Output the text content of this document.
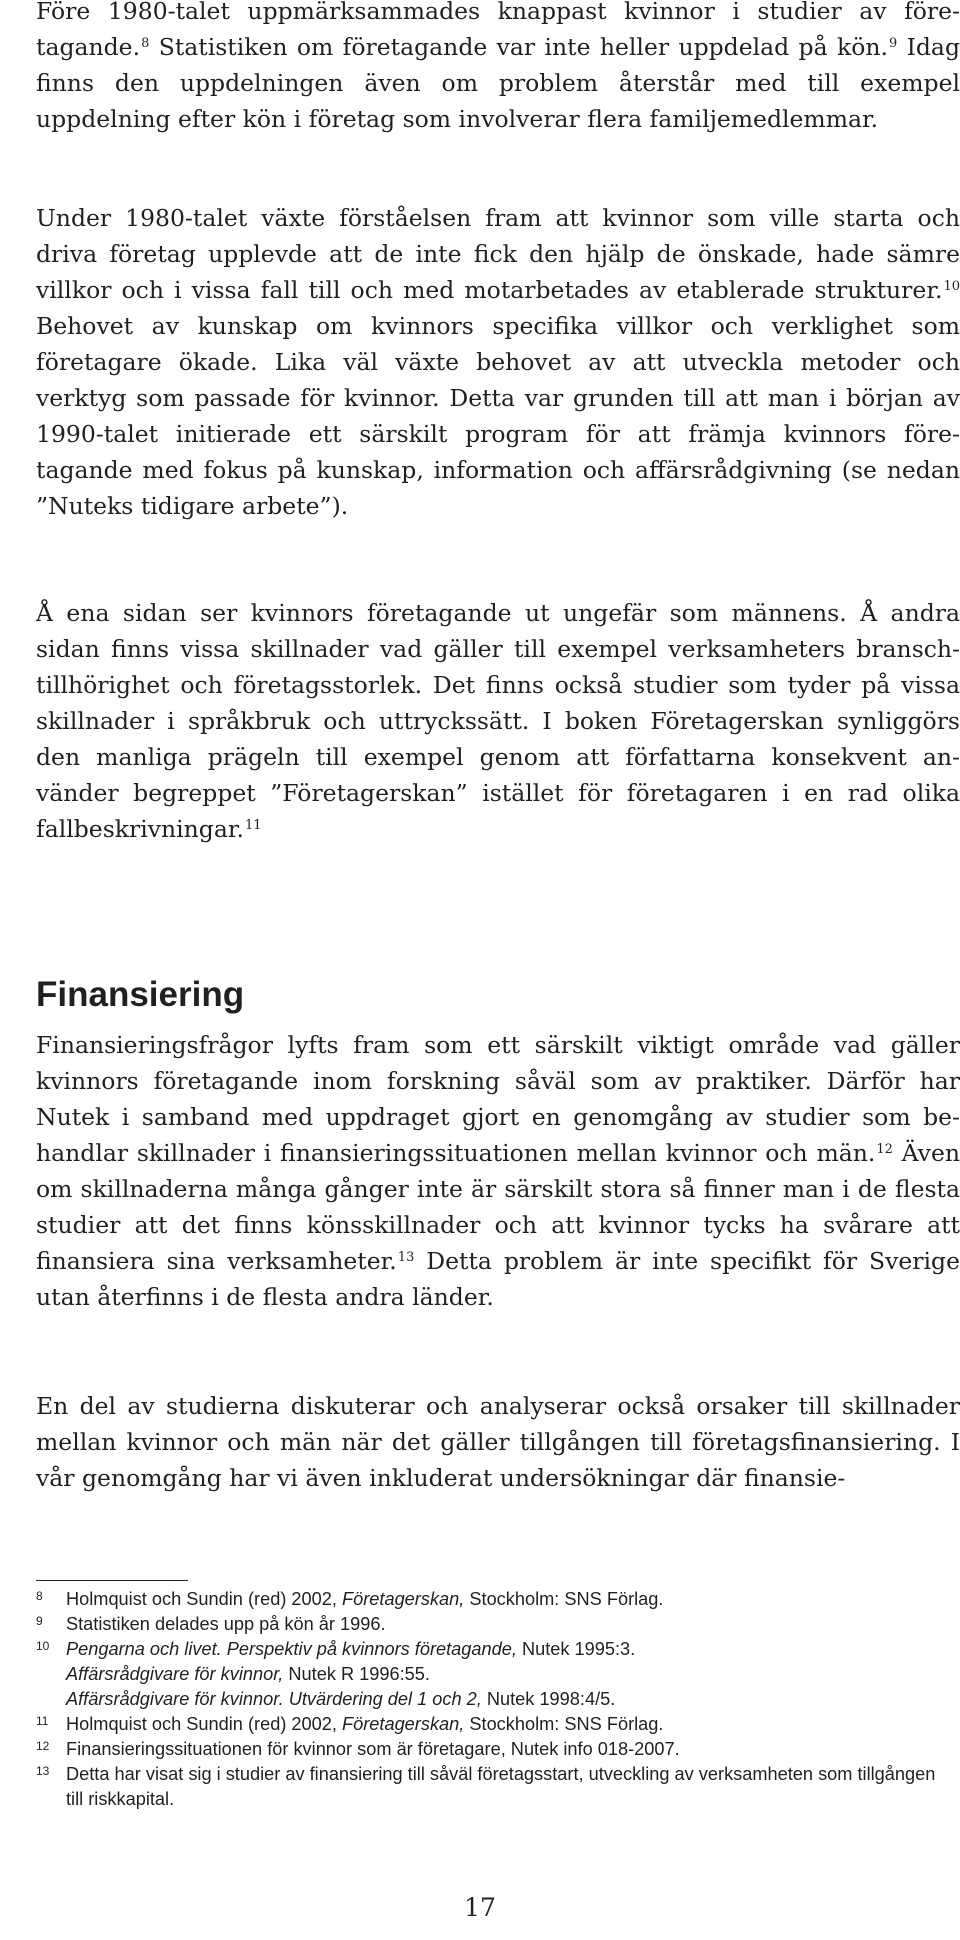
Före 1980-talet uppmärksammades knappast kvinnor i studier av före-tagande.$^8$ Statistiken om företagande var inte heller uppdelad på kön.$^9$ Idag finns den uppdelningen även om problem återstår med till exempel uppdelning efter kön i företag som involverar flera familjemedlemmar.

Under 1980-talet växte förståelsen fram att kvinnor som ville starta och driva företag upplevde att de inte fick den hjälp de önskade, hade sämre villkor och i vissa fall till och med motarbetades av etablerade strukturer.$^{10}$ Behovet av kunskap om kvinnors specifika villkor och verklighet som företagare ökade. Lika väl växte behovet av att utveckla metoder och verktyg som passade för kvinnor. Detta var grunden till att man i början av 1990-talet initierade ett särskilt program för att främja kvinnors före-tagande med fokus på kunskap, information och affärsrådgivning (se nedan ”Nuteks tidigare arbete”).

Å ena sidan ser kvinnors företagande ut ungefär som männens. Å andra sidan finns vissa skillnader vad gäller till exempel verksamheters bransch-tillhörighet och företagsstorlek. Det finns också studier som tyder på vissa skillnader i språkbruk och uttryckssätt. I boken Företagerskan synliggörs den manliga prägeln till exempel genom att författarna konsekvent an-vänder begreppet ”Företagerskan” istället för företagaren i en rad olika fallbeskrivningar.$^{11}$

Finansieringsfrågor lyfts fram som ett särskilt viktigt område vad gäller kvinnors företagande inom forskning såväl som av praktiker. Därför har Nutek i samband med uppdraget gjort en genomgång av studier som be-handlar skillnader i finansieringssituationen mellan kvinnor och män.$^{12}$ Även om skillnaderna många gånger inte är särskilt stora så finner man i de flesta studier att det finns könsskillnader och att kvinnor tycks ha svårare att finansiera sina verksamheter.$^{13}$ Detta problem är inte specifikt för Sverige utan återfinns i de flesta andra länder.

En del av studierna diskuterar och analyserar också orsaker till skillnader mellan kvinnor och män när det gäller tillgången till företagsfinansiering. I vår genomgång har vi även inkluderat undersökningar där finansie-

Finansiering
8	Holmquist och Sundin (red) 2002, Företagerskan, Stockholm: SNS Förlag.
9	Statistiken delades upp på kön år 1996.
10 Pengarna och livet. Perspektiv på kvinnors företagande, Nutek 1995:3.
Affärsrådgivare för kvinnor, Nutek R 1996:55.
Affärsrådgivare för kvinnor. Utvärdering del 1 och 2, Nutek 1998:4/5.
11 Holmquist och Sundin (red) 2002, Företagerskan, Stockholm: SNS Förlag.
12 Finansieringssituationen för kvinnor som är företagare, Nutek info 018-2007.
13 Detta har visat sig i studier av finansiering till såväl företagsstart, utveckling av verksamheten som tillgången till riskkapital.

17
